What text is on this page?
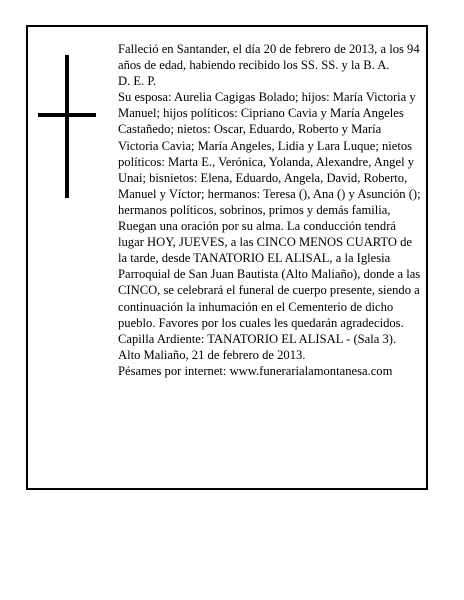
Falleció en Santander, el día 20 de febrero de 2013, a los 94 años de edad, habiendo recibido los SS. SS. y la B. A.

D. E. P.

Su esposa: Aurelia Cagigas Bolado; hijos: María Victoria y Manuel; hijos políticos: Cipriano Cavia y María Angeles Castañedo; nietos: Oscar, Eduardo, Roberto y María Victoria Cavia; María Angeles, Lidia y Lara Luque; nietos políticos: Marta E., Verónica, Yolanda, Alexandre, Angel y Unai; bisnietos: Elena, Eduardo, Angela, David, Roberto, Manuel y Víctor; hermanos: Teresa (), Ana () y Asunción (); hermanos políticos, sobrinos, primos y demás familia,

Ruegan una oración por su alma. La conducción tendrá lugar HOY, JUEVES, a las CINCO MENOS CUARTO de la tarde, desde TANATORIO EL ALISAL, a la Iglesia Parroquial de San Juan Bautista (Alto Maliaño), donde a las CINCO, se celebrará el funeral de cuerpo presente, siendo a continuación la inhumación en el Cementerio de dicho pueblo. Favores por los cuales les quedarán agradecidos. Capilla Ardiente: TANATORIO EL ALISAL - (Sala 3).

Alto Maliaño, 21 de febrero de 2013.

Pésames por internet: www.funerarialamontanesa.com
